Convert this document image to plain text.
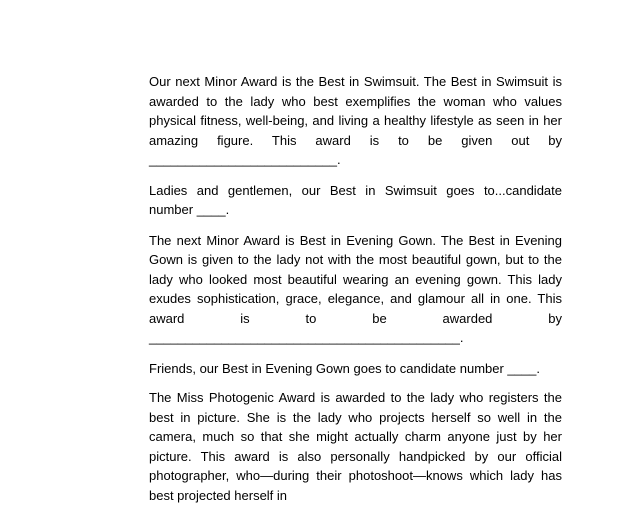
Our next Minor Award is the Best in Swimsuit. The Best in Swimsuit is awarded to the lady who best exemplifies the woman who values physical fitness, well-being, and living a healthy lifestyle as seen in her amazing figure. This award is to be given out by __________________________.

Ladies and gentlemen, our Best in Swimsuit goes to...candidate number ____.

The next Minor Award is Best in Evening Gown. The Best in Evening Gown is given to the lady not with the most beautiful gown, but to the lady who looked most beautiful wearing an evening gown. This lady exudes sophistication, grace, elegance, and glamour all in one. This award is to be awarded by ___________________________________________.

Friends, our Best in Evening Gown goes to candidate number ____.

The Miss Photogenic Award is awarded to the lady who registers the best in picture. She is the lady who projects herself so well in the camera, much so that she might actually charm anyone just by her picture. This award is also personally handpicked by our official photographer, who—during their photoshoot—knows which lady has best projected herself in
